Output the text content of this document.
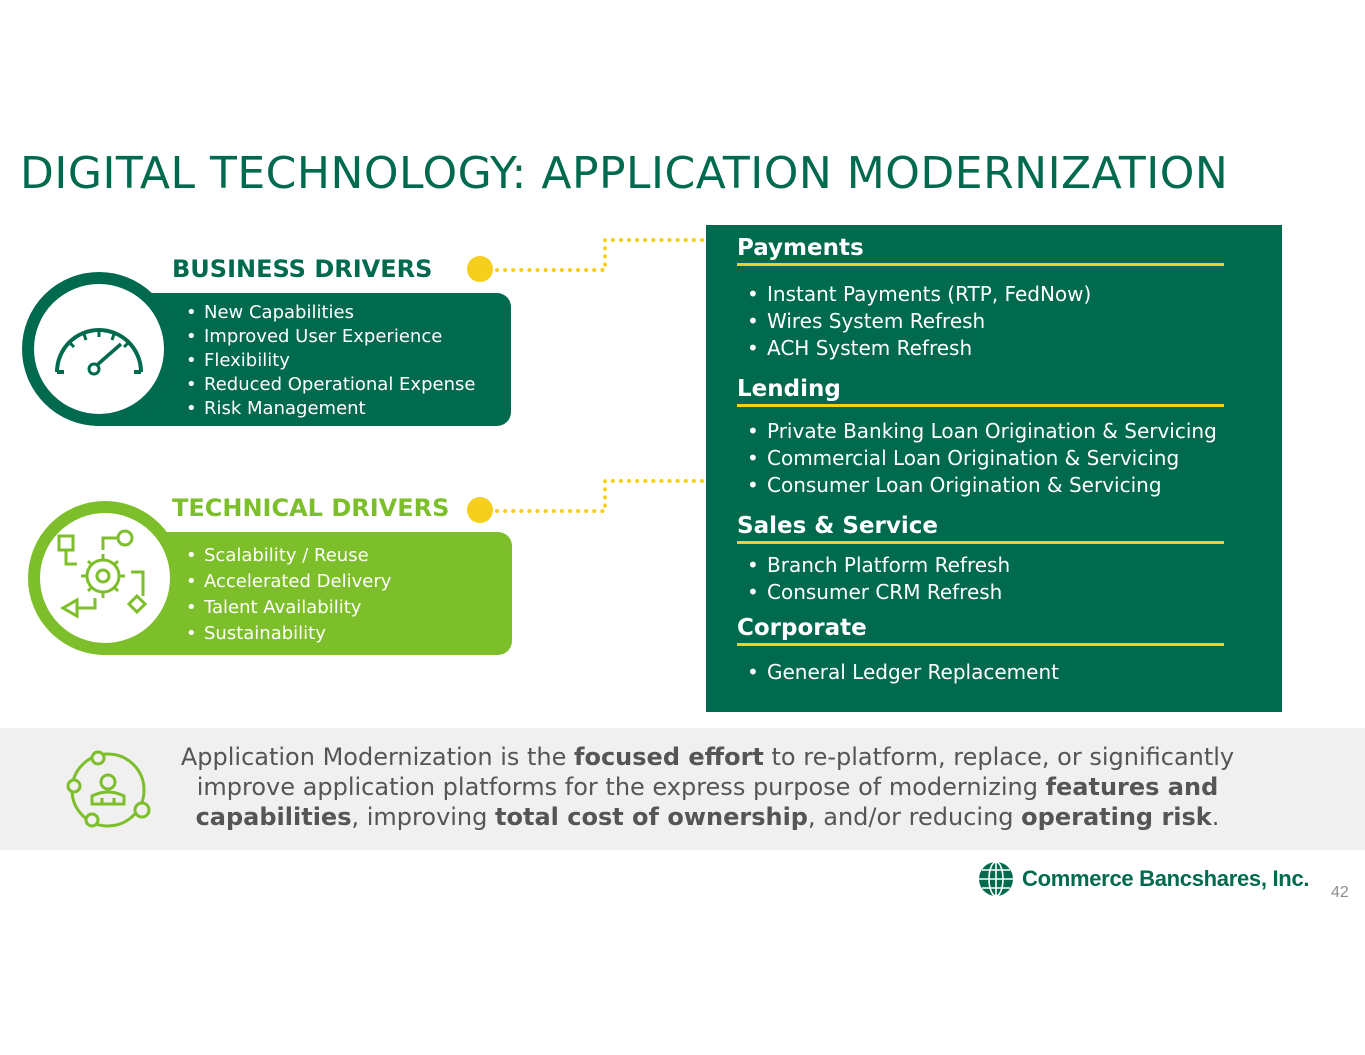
DIGITAL TECHNOLOGY: APPLICATION MODERNIZATION
BUSINESS DRIVERS
• New Capabilities
• Improved User Experience
• Flexibility
• Reduced Operational Expense
• Risk Management
TECHNICAL DRIVERS
• Scalability / Reuse
• Accelerated Delivery
• Talent Availability
• Sustainability
Payments
• Instant Payments (RTP, FedNow)
• Wires System Refresh
• ACH System Refresh
Lending
• Private Banking Loan Origination & Servicing
• Commercial Loan Origination & Servicing
• Consumer Loan Origination & Servicing
Sales & Service
• Branch Platform Refresh
• Consumer CRM Refresh
Corporate
• General Ledger Replacement
Application Modernization is the focused effort to re-platform, replace, or significantly improve application platforms for the express purpose of modernizing features and capabilities, improving total cost of ownership, and/or reducing operating risk.
Commerce Bancshares, Inc.
42
